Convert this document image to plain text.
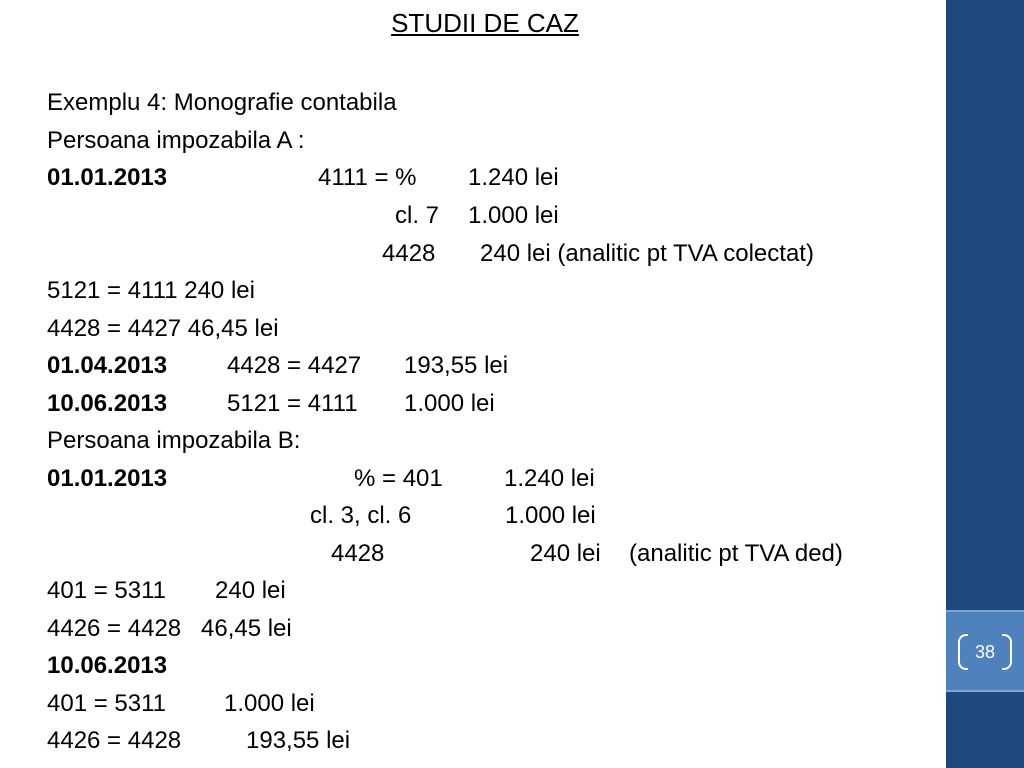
STUDII DE CAZ
Exemplu 4: Monografie contabila
Persoana impozabila A :
01.01.2013	4111 = % 1.240 lei
cl. 7 1.000 lei
4428 240 lei (analitic pt TVA colectat)
5121 = 4111 240 lei
4428 = 4427 46,45 lei
01.04.2013 4428 = 4427 193,55 lei
10.06.2013 5121 = 4111 1.000 lei
Persoana impozabila B:
01.01.2013	% = 401	1.240 lei
cl. 3, cl. 6	1.000 lei
4428	240 lei (analitic pt TVA ded)
401 = 5311 240 lei
4426 = 4428 46,45 lei
10.06.2013
401 = 5311 1.000 lei
4426 = 4428	193,55 lei
38
